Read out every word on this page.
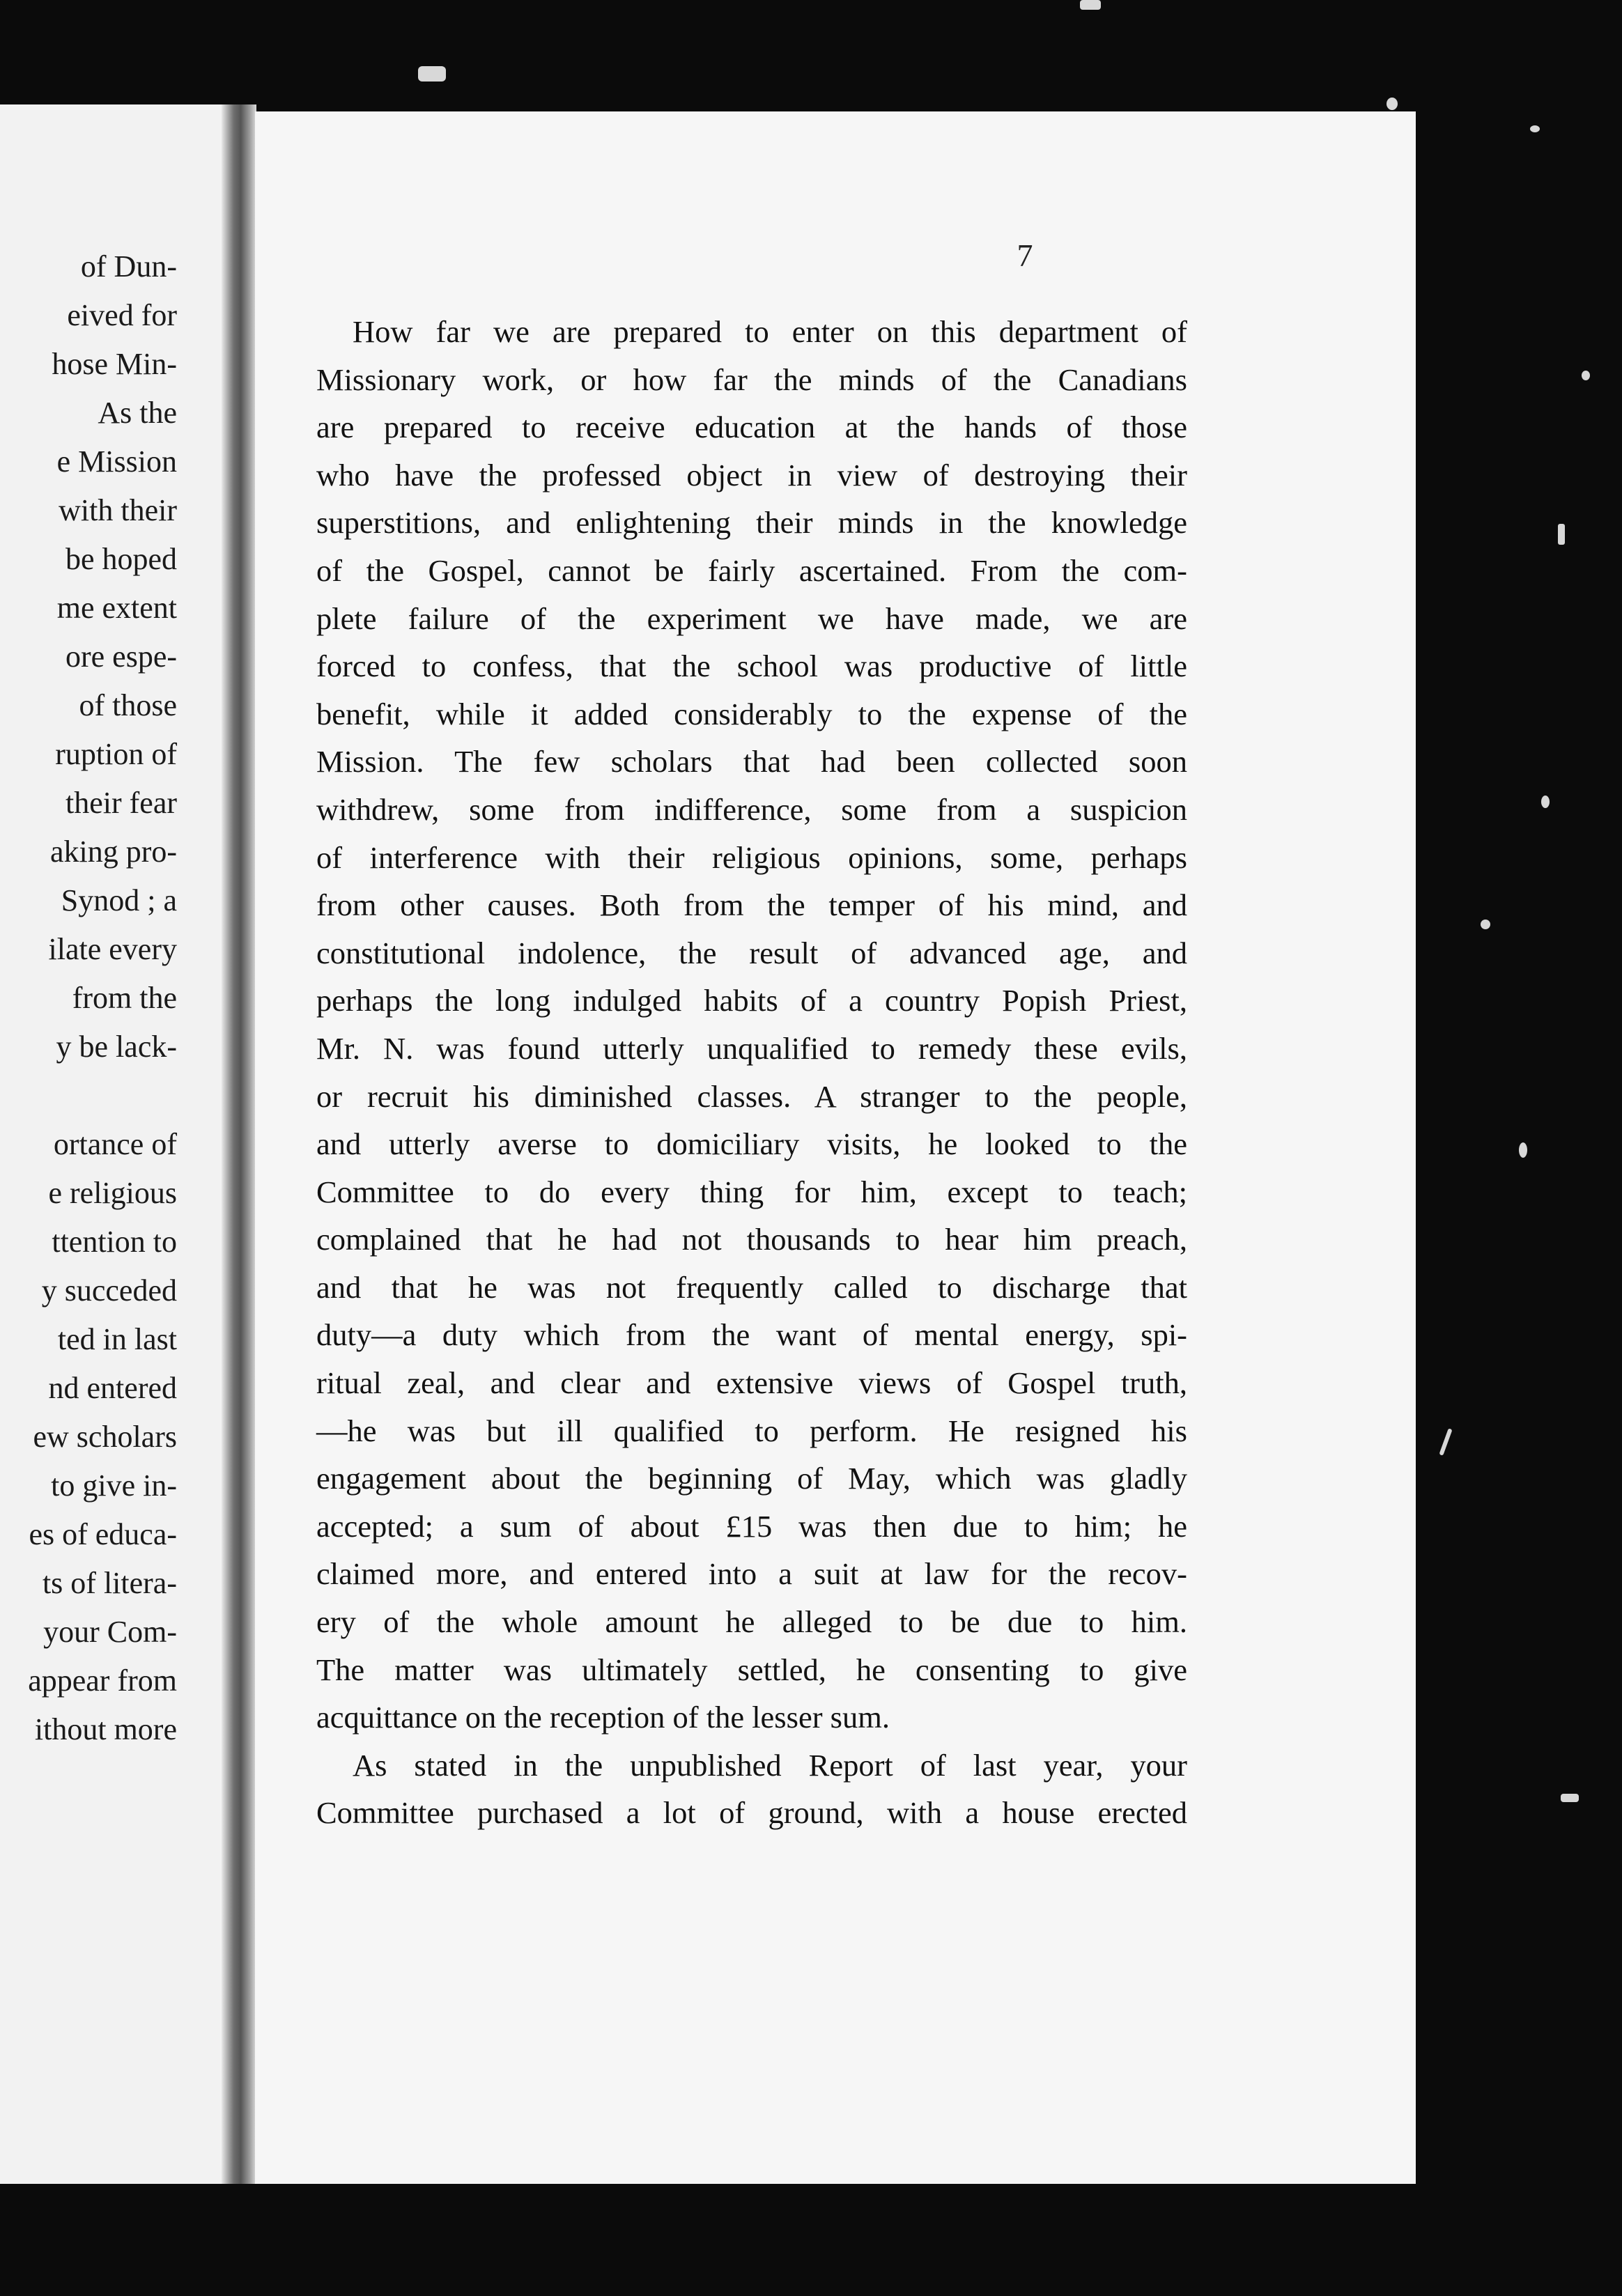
of Dun-
eived for
hose Min-
As the
e Mission
with their
be hoped
me extent
ore espe-
of those
ruption of
their fear
aking pro-
Synod ; a
ilate every
from the
y be lack-
ortance of
e religious
ttention to
y succeded
ted in last
nd entered
ew scholars
to give in-
es of educa-
ts of litera-
your Com-
appear from
ithout more
7
How far we are prepared to enter on this department of
Missionary work, or how far the minds of the Canadians
are prepared to receive education at the hands of those
who have the professed object in view of destroying their
superstitions, and enlightening their minds in the knowledge
of the Gospel, cannot be fairly ascertained. From the com-
plete failure of the experiment we have made, we are
forced to confess, that the school was productive of little
benefit, while it added considerably to the expense of the
Mission. The few scholars that had been collected soon
withdrew, some from indifference, some from a suspicion
of interference with their religious opinions, some, perhaps
from other causes. Both from the temper of his mind, and
constitutional indolence, the result of advanced age, and
perhaps the long indulged habits of a country Popish Priest,
Mr. N. was found utterly unqualified to remedy these evils,
or recruit his diminished classes. A stranger to the people,
and utterly averse to domiciliary visits, he looked to the
Committee to do every thing for him, except to teach;
complained that he had not thousands to hear him preach,
and that he was not frequently called to discharge that
duty—a duty which from the want of mental energy, spi-
ritual zeal, and clear and extensive views of Gospel truth,
—he was but ill qualified to perform. He resigned his
engagement about the beginning of May, which was gladly
accepted; a sum of about £15 was then due to him; he
claimed more, and entered into a suit at law for the recov-
ery of the whole amount he alleged to be due to him.
The matter was ultimately settled, he consenting to give
acquittance on the reception of the lesser sum.
As stated in the unpublished Report of last year, your
Committee purchased a lot of ground, with a house erected
